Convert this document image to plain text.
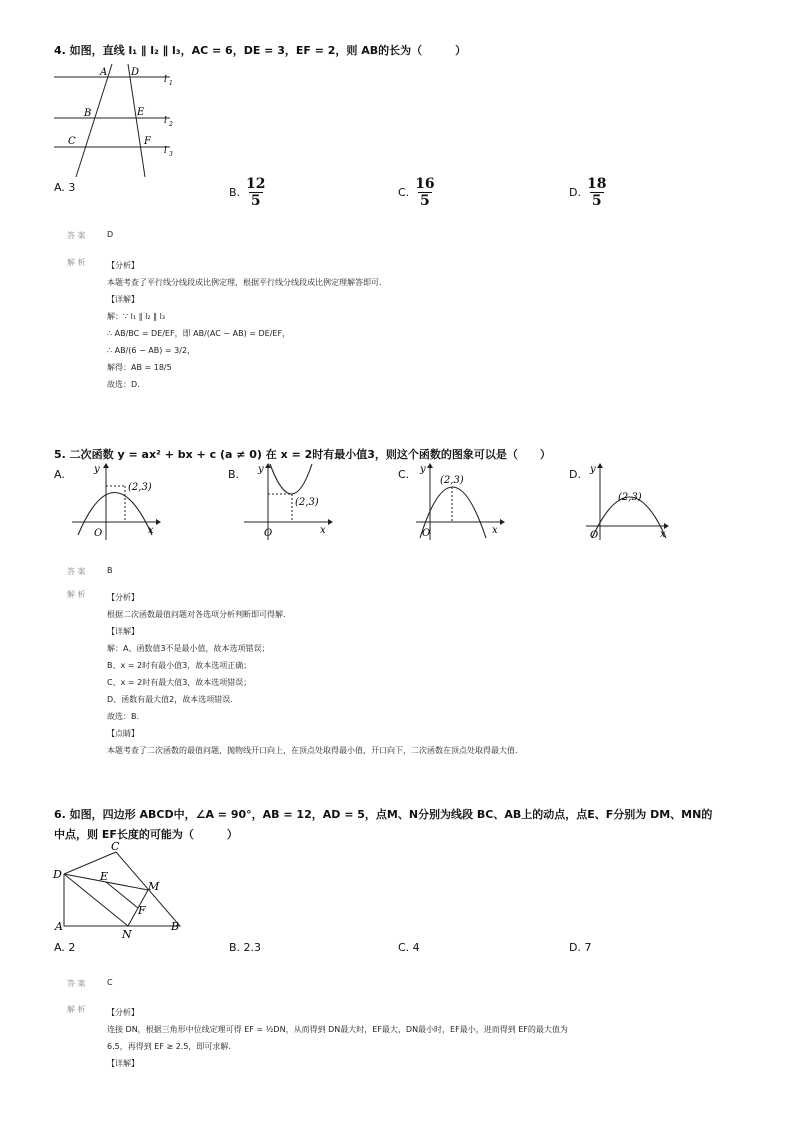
4. 如图，直线 l₁ ∥ l₂ ∥ l₃，AC = 6，DE = 3，EF = 2，则 AB的长为（　　　）
A D
B	E
C	F
l 1
l 2
l 3
A. 3	B. $\frac{12}{5}$	C. $\frac{16}{5}$	D. $\frac{18}{5}$
答 案	D
解 析	【分析】
本题考查了平行线分线段成比例定理，根据平行线分线段成比例定理解答即可.
【详解】
解：∵ l₁ ∥ l₂ ∥ l₃
∴ AB/BC = DE/EF，即 AB/(AC − AB) = DE/EF，
∴ AB/(6 − AB) = 3/2，
解得：AB = 18/5
故选：D.
5. 二次函数 y = ax² + bx + c (a ≠ 0) 在 x = 2时有最小值3，则这个函数的图象可以是（　　）
A.	B.	C.	D.
y
x
O
(2,3)
y
x
O
(2,3)
y
x
O
(2,3)
y
x
O
(2,3)
答 案	B
解 析	【分析】
根据二次函数最值问题对各选项分析判断即可得解.
【详解】
解：A、函数值3不是最小值，故本选项错误；
B、x = 2时有最小值3，故本选项正确；
C、x = 2时有最大值3，故本选项错误；
D、函数有最大值2，故本选项错误.
故选：B.
【点睛】
本题考查了二次函数的最值问题，抛物线开口向上，在顶点处取得最小值，开口向下，二次函数在顶点处取得最大值.
6. 如图，四边形 ABCD中，∠A = 90°，AB = 12，AD = 5，点M、N分别为线段 BC、AB上的动点，点E、F分别为 DM、MN的
中点，则 EF长度的可能为（　　　）
C
D	E
M
F
A
N
B
A. 2	B. 2.3	C. 4	D. 7
答 案	C
解 析	【分析】
连接 DN，根据三角形中位线定理可得 EF = ½DN，从而得到 DN最大时，EF最大，DN最小时，EF最小，进而得到 EF的最大值为
6.5，再得到 EF ≥ 2.5，即可求解.
【详解】
